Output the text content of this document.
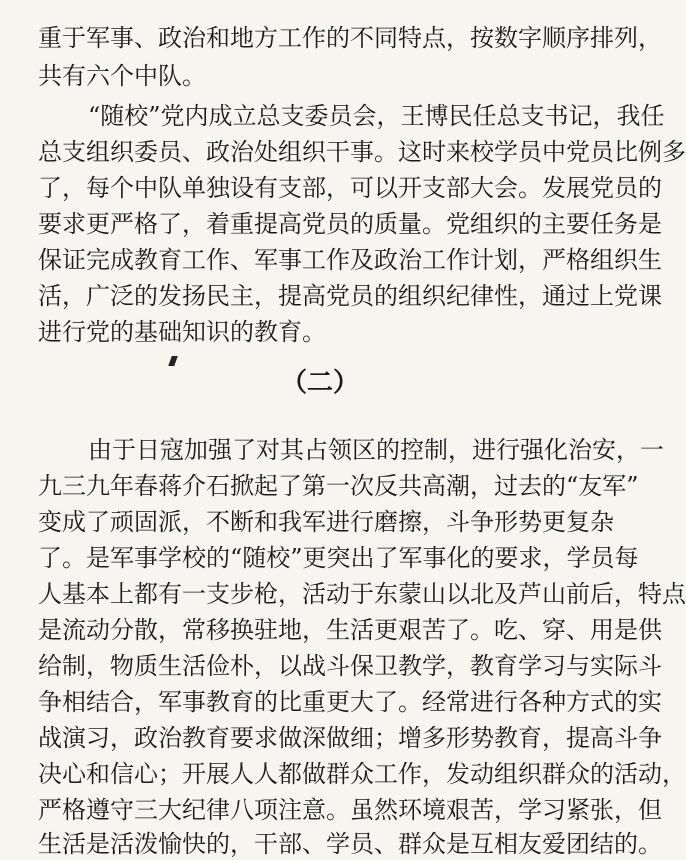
重于军事、政治和地方工作的不同特点，按数字顺序排列，
共有六个中队。
“随校”党内成立总支委员会，王博民任总支书记，我任
总支组织委员、政治处组织干事。这时来校学员中党员比例多
了，每个中队单独设有支部，可以开支部大会。发展党员的
要求更严格了，着重提高党员的质量。党组织的主要任务是
保证完成教育工作、军事工作及政治工作计划，严格组织生
活，广泛的发扬民主，提高党员的组织纪律性，通过上党课
进行党的基础知识的教育。
（二）
由于日寇加强了对其占领区的控制，进行强化治安，一
九三九年春蒋介石掀起了第一次反共高潮，过去的“友军”
变成了顽固派，不断和我军进行磨擦，斗争形势更复杂
了。是军事学校的“随校”更突出了军事化的要求，学员每
人基本上都有一支步枪，活动于东蒙山以北及芦山前后，特点
是流动分散，常移换驻地，生活更艰苦了。吃、穿、用是供
给制，物质生活俭朴，以战斗保卫教学，教育学习与实际斗
争相结合，军事教育的比重更大了。经常进行各种方式的实
战演习，政治教育要求做深做细；增多形势教育，提高斗争
决心和信心；开展人人都做群众工作，发动组织群众的活动，
严格遵守三大纪律八项注意。虽然环境艰苦，学习紧张，但
生活是活泼愉快的，干部、学员、群众是互相友爱团结的。
